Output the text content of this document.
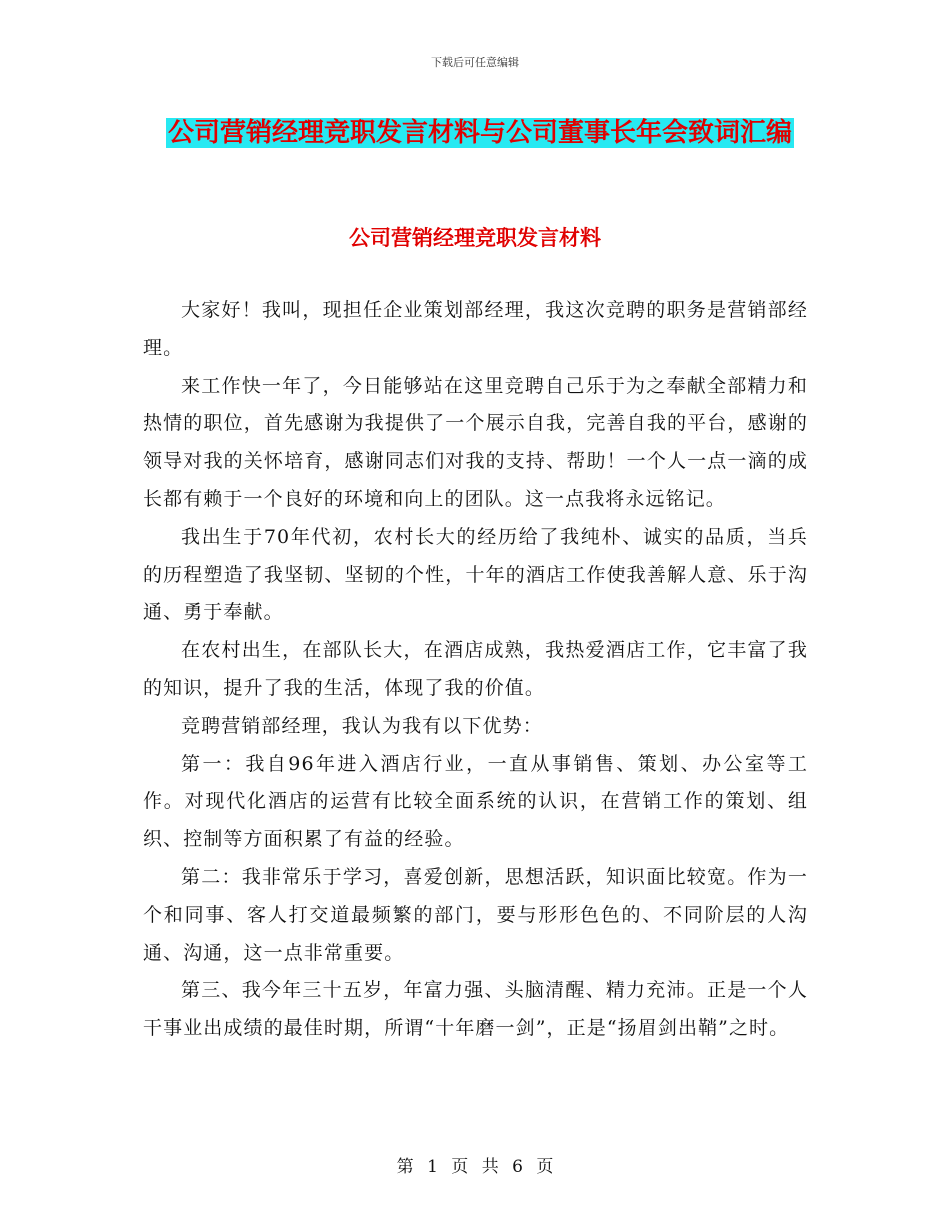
下载后可任意编辑
公司营销经理竞职发言材料与公司董事长年会致词汇编
公司营销经理竞职发言材料

大家好！我叫，现担任企业策划部经理，我这次竞聘的职务是营销部经理。

来工作快一年了，今日能够站在这里竞聘自己乐于为之奉献全部精力和热情的职位，首先感谢为我提供了一个展示自我，完善自我的平台，感谢的领导对我的关怀培育，感谢同志们对我的支持、帮助！一个人一点一滴的成长都有赖于一个良好的环境和向上的团队。这一点我将永远铭记。

我出生于70年代初，农村长大的经历给了我纯朴、诚实的品质，当兵的历程塑造了我坚韧、坚韧的个性，十年的酒店工作使我善解人意、乐于沟通、勇于奉献。

在农村出生，在部队长大，在酒店成熟，我热爱酒店工作，它丰富了我的知识，提升了我的生活，体现了我的价值。

竞聘营销部经理，我认为我有以下优势：

第一：我自96年进入酒店行业，一直从事销售、策划、办公室等工作。对现代化酒店的运营有比较全面系统的认识，在营销工作的策划、组织、控制等方面积累了有益的经验。

第二：我非常乐于学习，喜爱创新，思想活跃，知识面比较宽。作为一个和同事、客人打交道最频繁的部门，要与形形色色的、不同阶层的人沟通、沟通，这一点非常重要。

第三、我今年三十五岁，年富力强、头脑清醒、精力充沛。正是一个人干事业出成绩的最佳时期，所谓“十年磨一剑”，正是“扬眉剑出鞘”之时。

第 1 页 共 6 页
